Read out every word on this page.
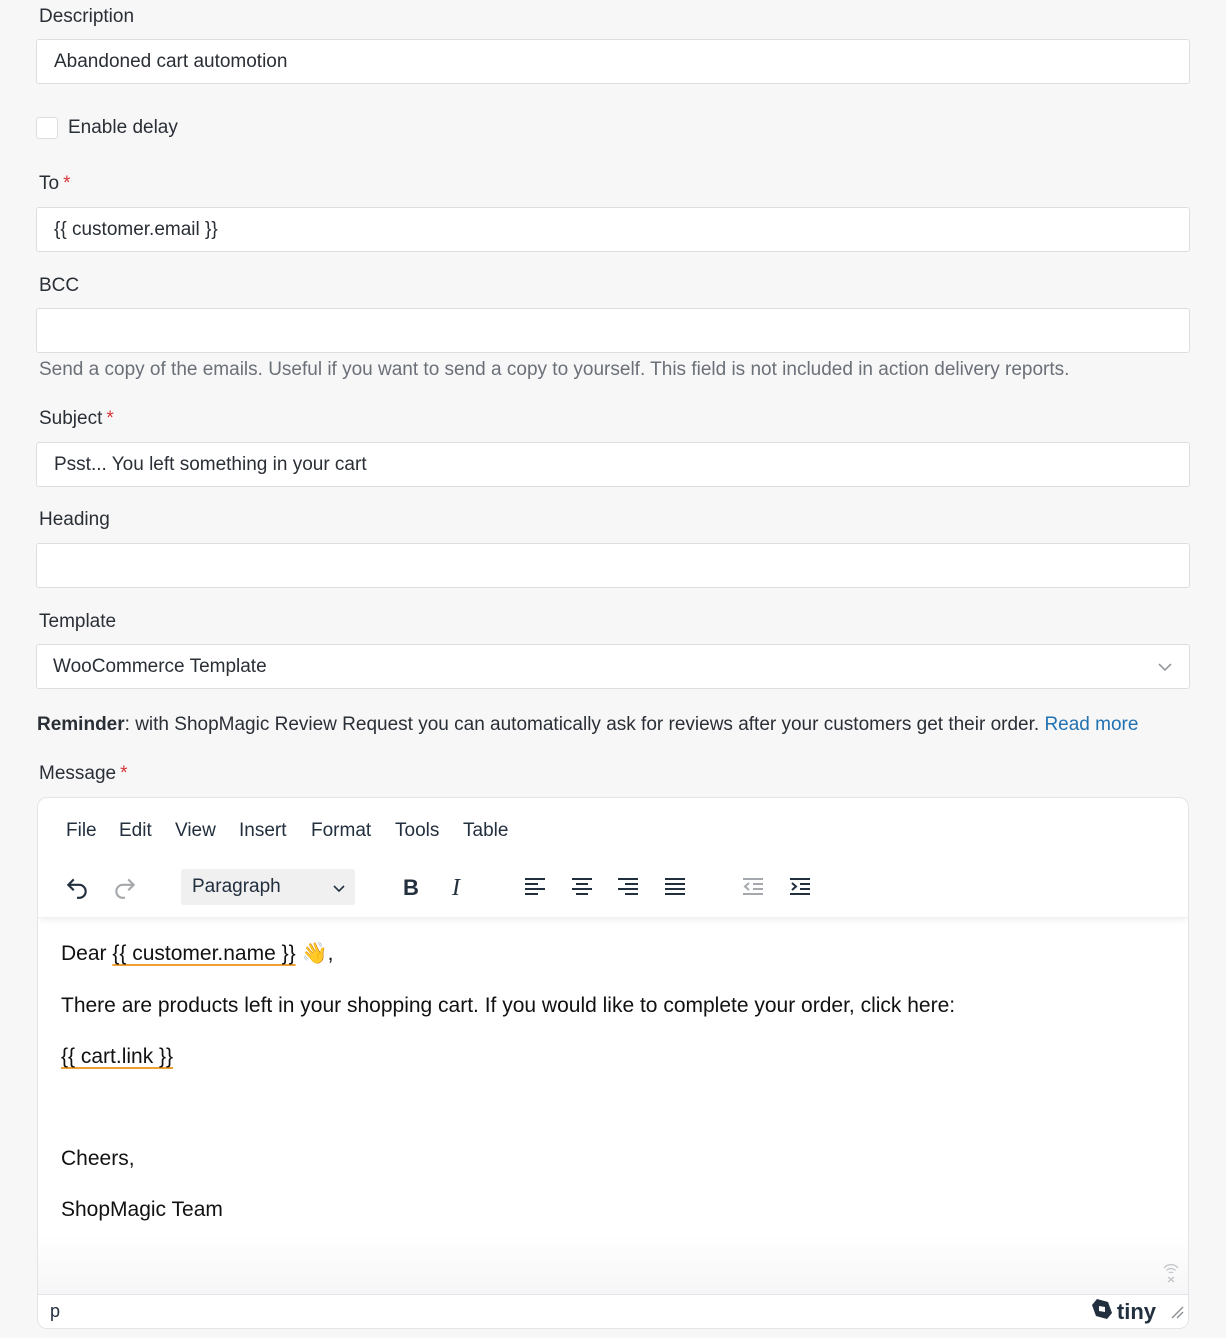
Description
Abandoned cart automotion
Enable delay
To *
{{ customer.email }}
BCC
Send a copy of the emails. Useful if you want to send a copy to yourself. This field is not included in action delivery reports.
Subject *
Psst... You left something in your cart
Heading
Template
WooCommerce Template
Reminder: with ShopMagic Review Request you can automatically ask for reviews after your customers get their order. Read more
Message *
File Edit View Insert Format Tools Table
Paragraph	B I

Dear {{ customer.name }} 👋,

There are products left in your shopping cart. If you would like to complete your order, click here:

{{ cart.link }}

Cheers,

ShopMagic Team

p	tiny
